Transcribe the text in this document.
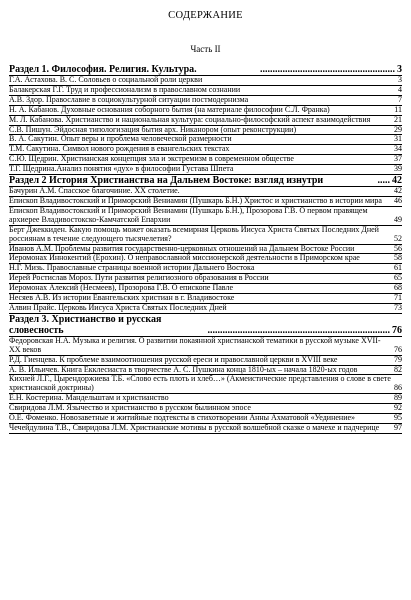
СОДЕРЖАНИЕ
Часть II
Раздел 1. Философия. Религия. Культура.	...................................................... 3
Г.А. Астахова. В. С. Соловьев о социальной роли церкви	3
Балакерская Г.Г. Труд и профессионализм в православном сознании	4
А.В. Здор. Православие в социокультурной ситуации постмодернизма	7
Н. А. Кабанов. Духовные основания соборного бытия (на материале философии С.Л. Франка)	11
М. Л. Кабанова. Христианство и национальная культура: социально-философский аспект взаимодействия	21
С.В. Пишун. Эйдосная типологизация бытия арх. Никанором (опыт реконструкции)	29
В. А. Сакутин. Опыт веры и проблема человеческой размерности	31
Т.М. Сакутина. Символ нового рождения в евангельских текстах	34
С.Ю. Щедрин. Христианская концепция зла и экстремизм в современном обществе	37
Т.Г. Щедрина.Анализ понятия «дух» в философии Густава Шпета	39
Раздел 2 История Христианства на Дальнем Востоке: взгляд изнутри	..... 42
Бачурин А.М. Спасское благочиние. XX столетие.	42
Епископ Владивостокский и Приморский Вениамин (Пушкарь Б.Н.) Христос и христианство в истории мира	46
Епископ Владивостокский и Приморский Вениамин (Пушкарь Б.Н.), Прозорова Г.В. О первом правящем архиерее Владивостокско-Камчатской Епархии	49
Берт Джеккиден. Какую помощь может оказать всемирная Церковь Иисуса Христа Святых Последних Дней россиянам в течение следующего тысячелетия?	52
Иванов А.М. Проблемы развития государственно-церковных отношений на Дальнем Востоке России	56
Иеромонах Иннокентий (Ерохин). О неправославной миссионерской деятельности в Приморском крае	58
Н.Г. Мизь. Православные страницы военной истории Дальнего Востока	61
Иерей Ростислав Мороз. Пути развития религиозного образования в России	65
Иеромонах Алексий (Несмеев), Прозорова Г.В. О епископе Павле	68
Несяев А.В. Из истории Евангельских христиан в г. Владивостоке	71
Алвин Прайс. Церковь Иисуса Христа Святых Последних Дней	73
Раздел 3. Христианство и русская словесность	......................................................................... 76
Федоровская Н.А. Музыка и религия. О развитии покаянной христианской тематики в русской музыке XVII-XX веков	76
Р.Д. Гиенцева. К проблеме взаимоотношения русской ереси и православной церкви в XVIII веке	79
А. В. Ильичев. Книга Екклесиаста в творчестве А. С. Пушкина конца 1810-ых – начала 1820-ых годов	82
Кихней Л.Г., Цырендоржиева Т.Б. «Слово есть плоть и хлеб…» (Акмеистические представления о слове в свете христианской доктрины)	86
Е.Н. Костерина. Мандельштам и христианство	89
Свиридова Л.М. Язычество и христианство в русском былинном эпосе	92
О.Е. Фоменко. Новозаветные и житийные подтексты в стихотворении Анны Ахматовой «Уединение»	95
Чечейдулина Т.В., Свиридова Л.М. Христианские мотивы в русской волшебной сказке о мачехе и падчерице	97
